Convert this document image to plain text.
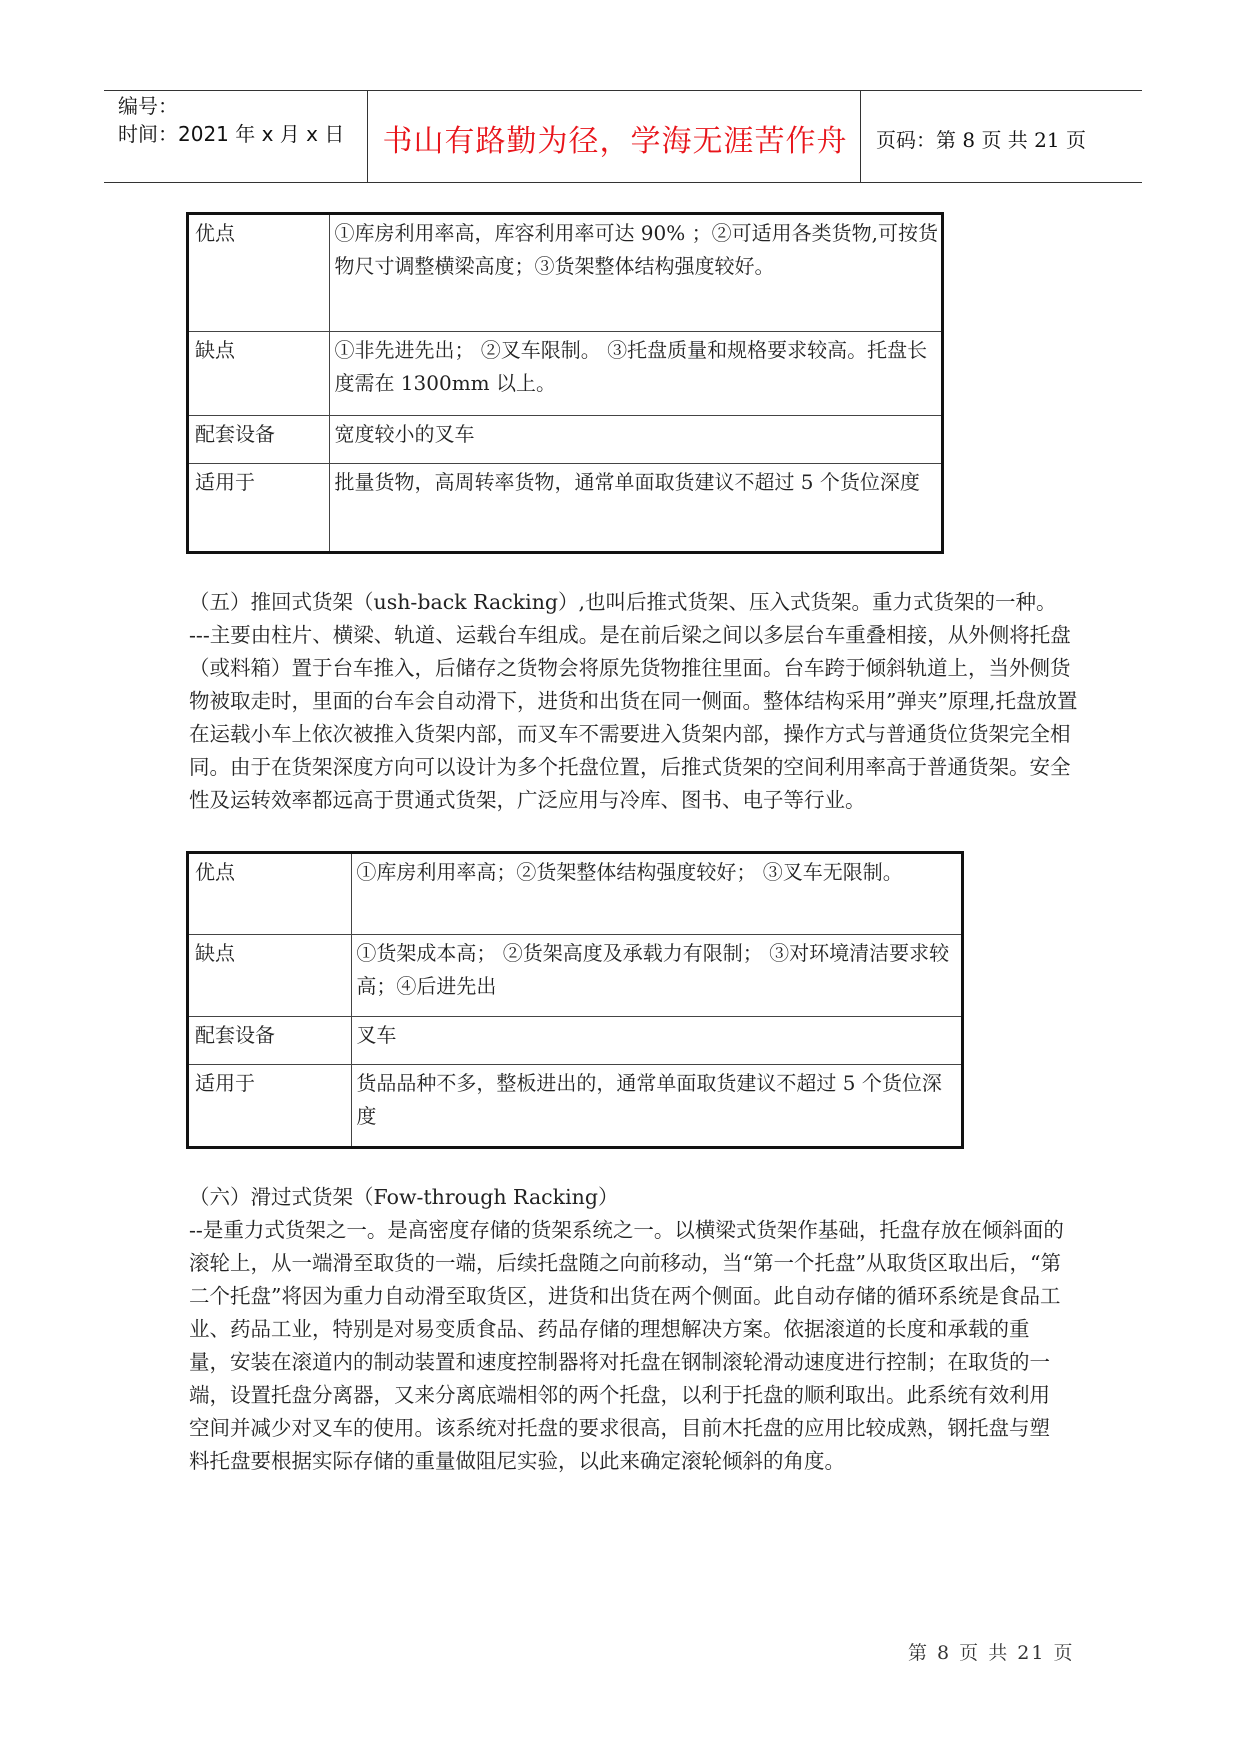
编号：
时间：2021 年 x 月 x 日	书山有路勤为径，学海无涯苦作舟	页码：第 8 页 共 21 页
优点	①库房利用率高，库容利用率可达 90% ；②可适用各类货物,可按货物尺寸调整横梁高度；③货架整体结构强度较好。
缺点	①非先进先出； ②叉车限制。 ③托盘质量和规格要求较高。托盘长度需在 1300mm 以上。
配套设备	宽度较小的叉车
适用于	批量货物，高周转率货物，通常单面取货建议不超过 5 个货位深度

（五）推回式货架（ush-back Racking）,也叫后推式货架、压入式货架。重力式货架的一种。

---主要由柱片、横梁、轨道、运载台车组成。是在前后梁之间以多层台车重叠相接，从外侧将托盘（或料箱）置于台车推入，后储存之货物会将原先货物推往里面。台车跨于倾斜轨道上，当外侧货物被取走时，里面的台车会自动滑下，进货和出货在同一侧面。整体结构采用”弹夹”原理,托盘放置在运载小车上依次被推入货架内部，而叉车不需要进入货架内部，操作方式与普通货位货架完全相同。由于在货架深度方向可以设计为多个托盘位置，后推式货架的空间利用率高于普通货架。安全性及运转效率都远高于贯通式货架，广泛应用与冷库、图书、电子等行业。

优点	①库房利用率高；②货架整体结构强度较好； ③叉车无限制。
缺点	①货架成本高； ②货架高度及承载力有限制； ③对环境清洁要求较高；④后进先出
配套设备	叉车
适用于	货品品种不多，整板进出的，通常单面取货建议不超过 5 个货位深度

（六）滑过式货架（Fow-through Racking）

--是重力式货架之一。是高密度存储的货架系统之一。以横梁式货架作基础，托盘存放在倾斜面的滚轮上，从一端滑至取货的一端，后续托盘随之向前移动，当“第一个托盘”从取货区取出后，“第二个托盘”将因为重力自动滑至取货区，进货和出货在两个侧面。此自动存储的循环系统是食品工业、药品工业，特别是对易变质食品、药品存储的理想解决方案。依据滚道的长度和承载的重量，安装在滚道内的制动装置和速度控制器将对托盘在钢制滚轮滑动速度进行控制；在取货的一端，设置托盘分离器，又来分离底端相邻的两个托盘，以利于托盘的顺利取出。此系统有效利用空间并减少对叉车的使用。该系统对托盘的要求很高，目前木托盘的应用比较成熟，钢托盘与塑料托盘要根据实际存储的重量做阻尼实验，以此来确定滚轮倾斜的角度。

第 8 页 共 21 页
